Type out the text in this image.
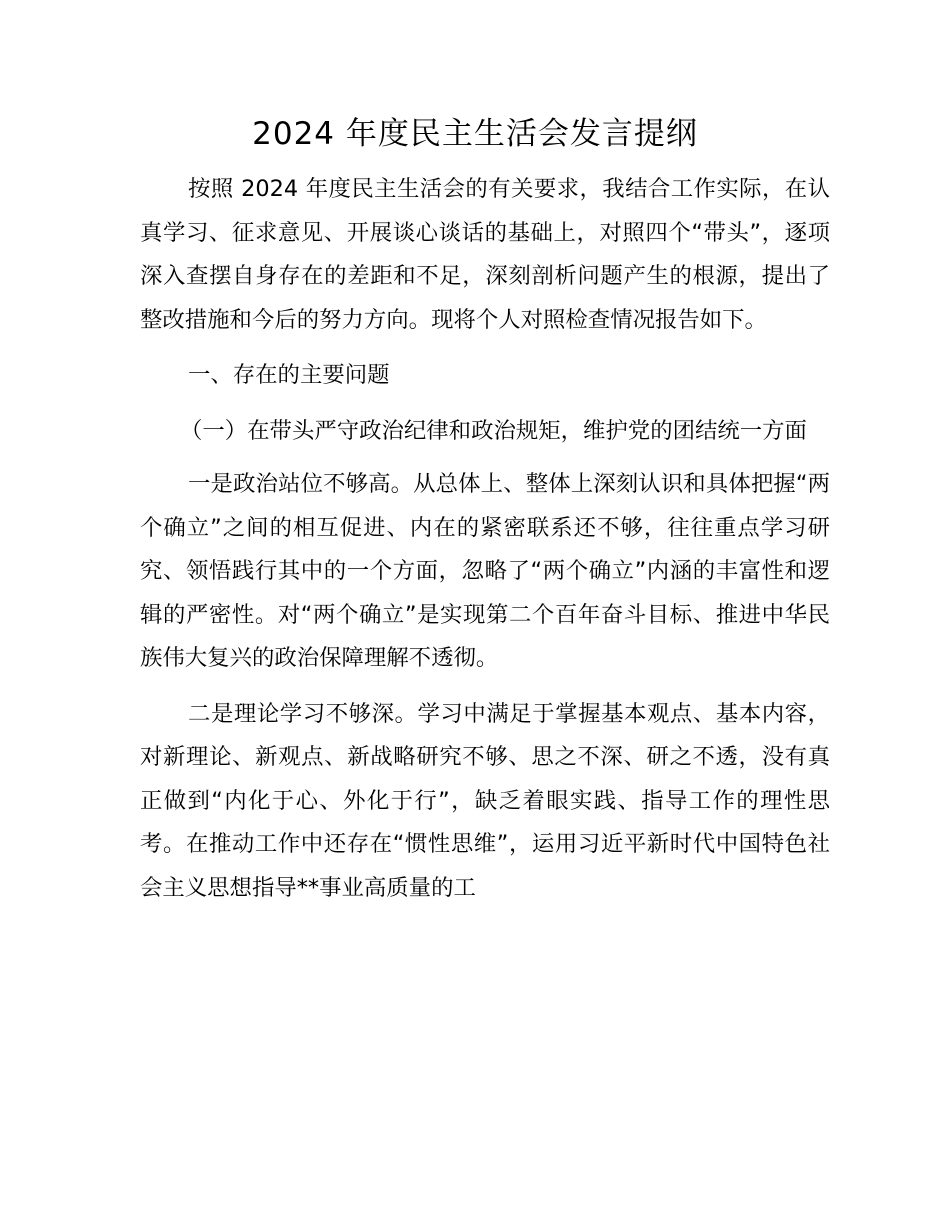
2024 年度民主生活会发言提纲

按照 2024 年度民主生活会的有关要求，我结合工作实际，在认真学习、征求意见、开展谈心谈话的基础上，对照四个“带头”，逐项深入查摆自身存在的差距和不足，深刻剖析问题产生的根源，提出了整改措施和今后的努力方向。现将个人对照检查情况报告如下。

一、存在的主要问题

（一）在带头严守政治纪律和政治规矩，维护党的团结统一方面

一是政治站位不够高。从总体上、整体上深刻认识和具体把握“两个确立”之间的相互促进、内在的紧密联系还不够，往往重点学习研究、领悟践行其中的一个方面，忽略了“两个确立”内涵的丰富性和逻辑的严密性。对“两个确立”是实现第二个百年奋斗目标、推进中华民族伟大复兴的政治保障理解不透彻。

二是理论学习不够深。学习中满足于掌握基本观点、基本内容，对新理论、新观点、新战略研究不够、思之不深、研之不透，没有真正做到“内化于心、外化于行”，缺乏着眼实践、指导工作的理性思考。在推动工作中还存在“惯性思维”，运用习近平新时代中国特色社会主义思想指导**事业高质量的工
